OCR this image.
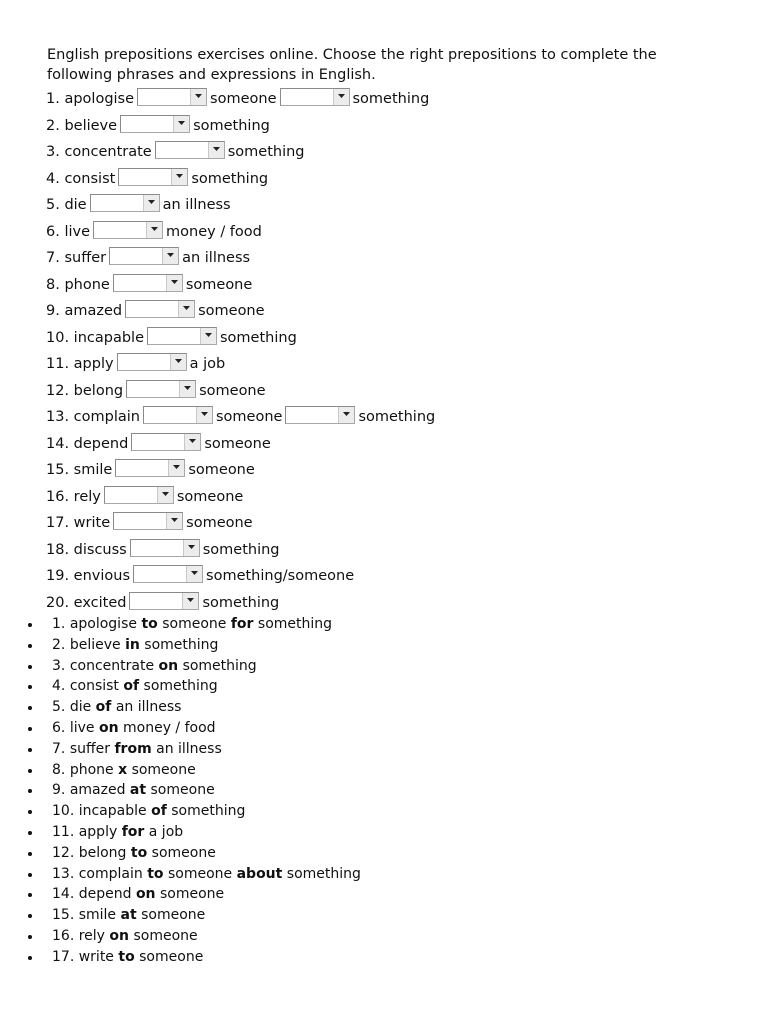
English prepositions exercises online. Choose the right prepositions to complete the

following phrases and expressions in English.

1.
apologise	someone	something
2.
believe	something
3.
concentrate	something
4.
consist	something
5.
die	an illness
6.
live	money / food
7.
suffer	an illness
8.
phone	someone
9.
amazed	someone
10.
incapable	something
11.
apply	a job
12.
belong	someone
13.
complain	someone	something
14.
depend	someone
15.
smile	someone
16.
rely	someone
17.
write	someone
18.
discuss	something
19.
envious	something/someone
20.
excited	something
1. apologise to someone for something
2. believe in something
3. concentrate on something
4. consist of something
5. die of an illness
6. live on money / food
7. suffer from an illness
8. phone x someone
9. amazed at someone
10. incapable of something
11. apply for a job
12. belong to someone
13. complain to someone about something
14. depend on someone
15. smile at someone
16. rely on someone
17. write to someone
